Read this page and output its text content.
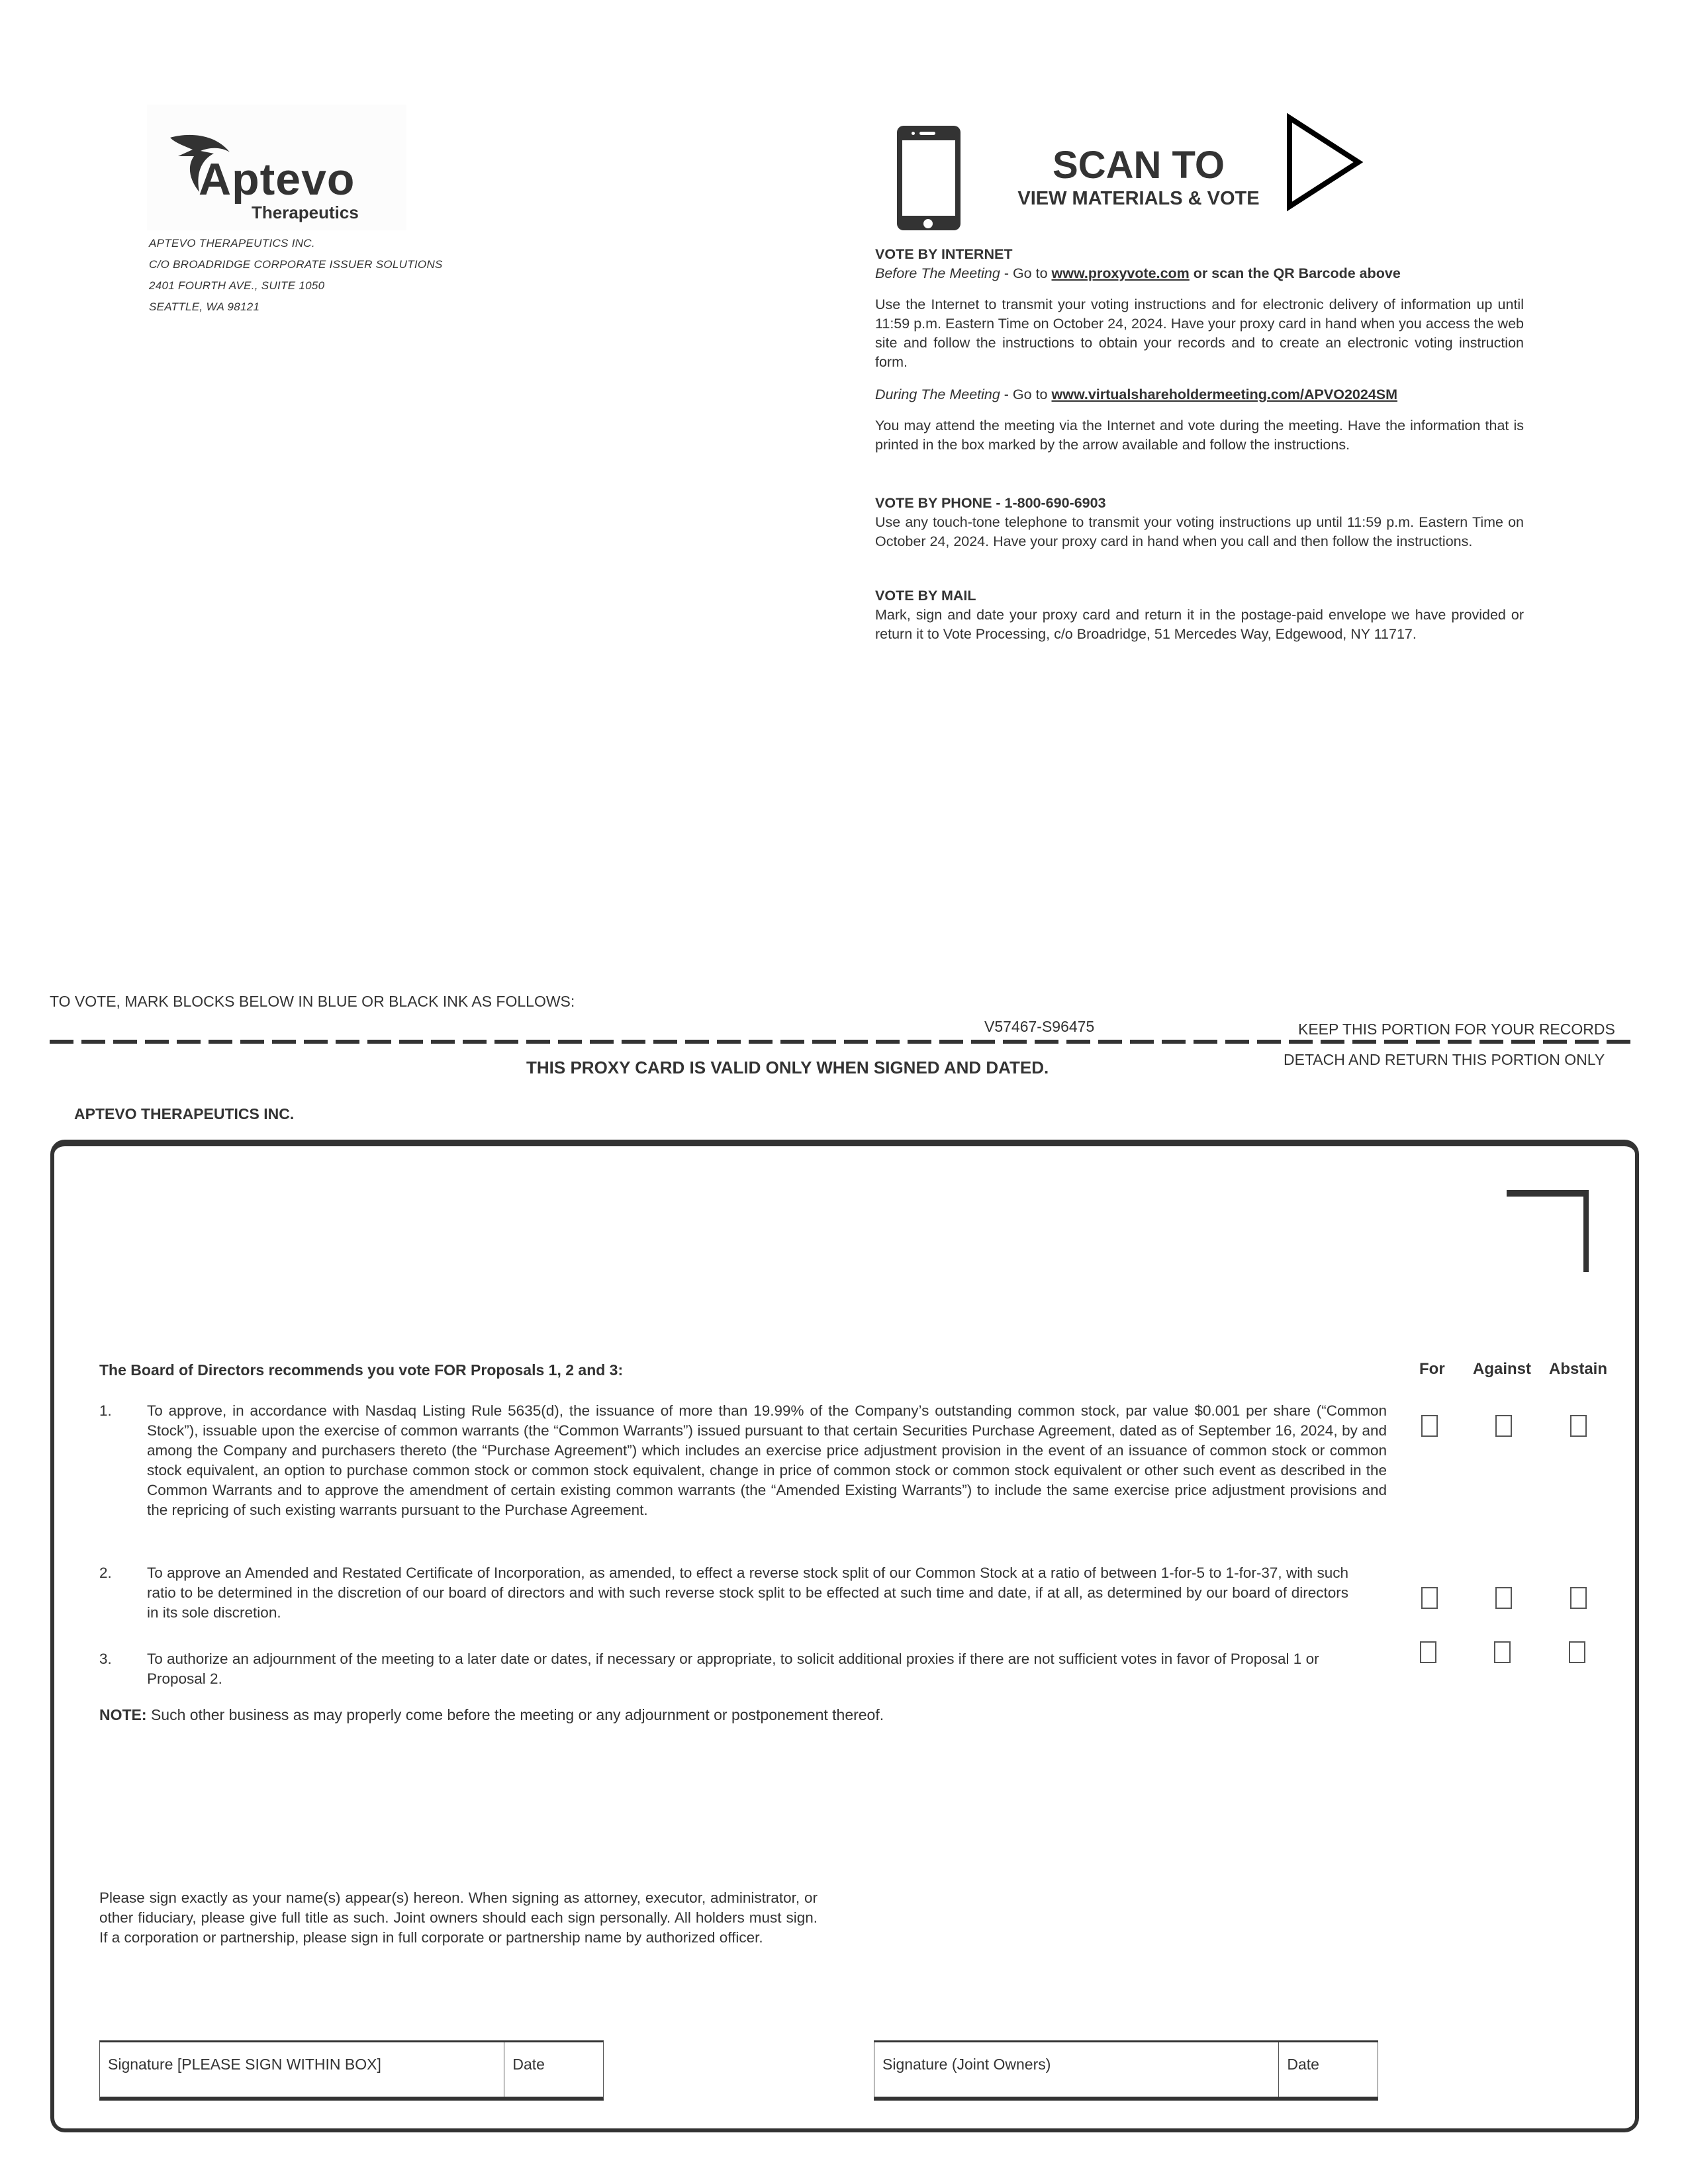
Aptevo
Therapeutics
APTEVO THERAPEUTICS INC.
C/O BROADRIDGE CORPORATE ISSUER SOLUTIONS
2401 FOURTH AVE., SUITE 1050
SEATTLE, WA 98121
SCAN TO
VIEW MATERIALS & VOTE
VOTE BY INTERNET
Before The Meeting - Go to www.proxyvote.com or scan the QR Barcode above

Use the Internet to transmit your voting instructions and for electronic delivery of information up until 11:59 p.m. Eastern Time on October 24, 2024. Have your proxy card in hand when you access the web site and follow the instructions to obtain your records and to create an electronic voting instruction form.

During The Meeting - Go to www.virtualshareholdermeeting.com/APVO2024SM

You may attend the meeting via the Internet and vote during the meeting. Have the information that is printed in the box marked by the arrow available and follow the instructions.

VOTE BY PHONE - 1-800-690-6903

Use any touch-tone telephone to transmit your voting instructions up until 11:59 p.m. Eastern Time on October 24, 2024. Have your proxy card in hand when you call and then follow the instructions.

VOTE BY MAIL

Mark, sign and date your proxy card and return it in the postage-paid envelope we have provided or return it to Vote Processing, c/o Broadridge, 51 Mercedes Way, Edgewood, NY 11717.

TO VOTE, MARK BLOCKS BELOW IN BLUE OR BLACK INK AS FOLLOWS:
V57467-S96475	KEEP THIS PORTION FOR YOUR RECORDS
DETACH AND RETURN THIS PORTION ONLY
THIS PROXY CARD IS VALID ONLY WHEN SIGNED AND DATED.
APTEVO THERAPEUTICS INC.
The Board of Directors recommends you vote FOR Proposals 1, 2 and 3:	For Against Abstain
1. To approve, in accordance with Nasdaq Listing Rule 5635(d), the issuance of more than 19.99% of the Company’s outstanding common stock, par value $0.001 per share (“Common Stock”), issuable upon the exercise of common warrants (the “Common Warrants”) issued pursuant to that certain Securities Purchase Agreement, dated as of September 16, 2024, by and among the Company and purchasers thereto (the “Purchase Agreement”) which includes an exercise price adjustment provision in the event of an issuance of common stock or common stock equivalent, an option to purchase common stock or common stock equivalent, change in price of common stock or common stock equivalent or other such event as described in the Common Warrants and to approve the amendment of certain existing common warrants (the “Amended Existing Warrants”) to include the same exercise price adjustment provisions and the repricing of such existing warrants pursuant to the Purchase Agreement.
2. To approve an Amended and Restated Certificate of Incorporation, as amended, to effect a reverse stock split of our Common Stock at a ratio of between 1-for-5 to 1-for-37, with such ratio to be determined in the discretion of our board of directors and with such reverse stock split to be effected at such time and date, if at all, as determined by our board of directors in its sole discretion.
3. To authorize an adjournment of the meeting to a later date or dates, if necessary or appropriate, to solicit additional proxies if there are not sufficient votes in favor of Proposal 1 or Proposal 2.
NOTE: Such other business as may properly come before the meeting or any adjournment or postponement thereof.
Please sign exactly as your name(s) appear(s) hereon. When signing as attorney, executor, administrator, or other fiduciary, please give full title as such. Joint owners should each sign personally. All holders must sign. If a corporation or partnership, please sign in full corporate or partnership name by authorized officer.
Signature [PLEASE SIGN WITHIN BOX]	Date	Signature (Joint Owners)	Date
